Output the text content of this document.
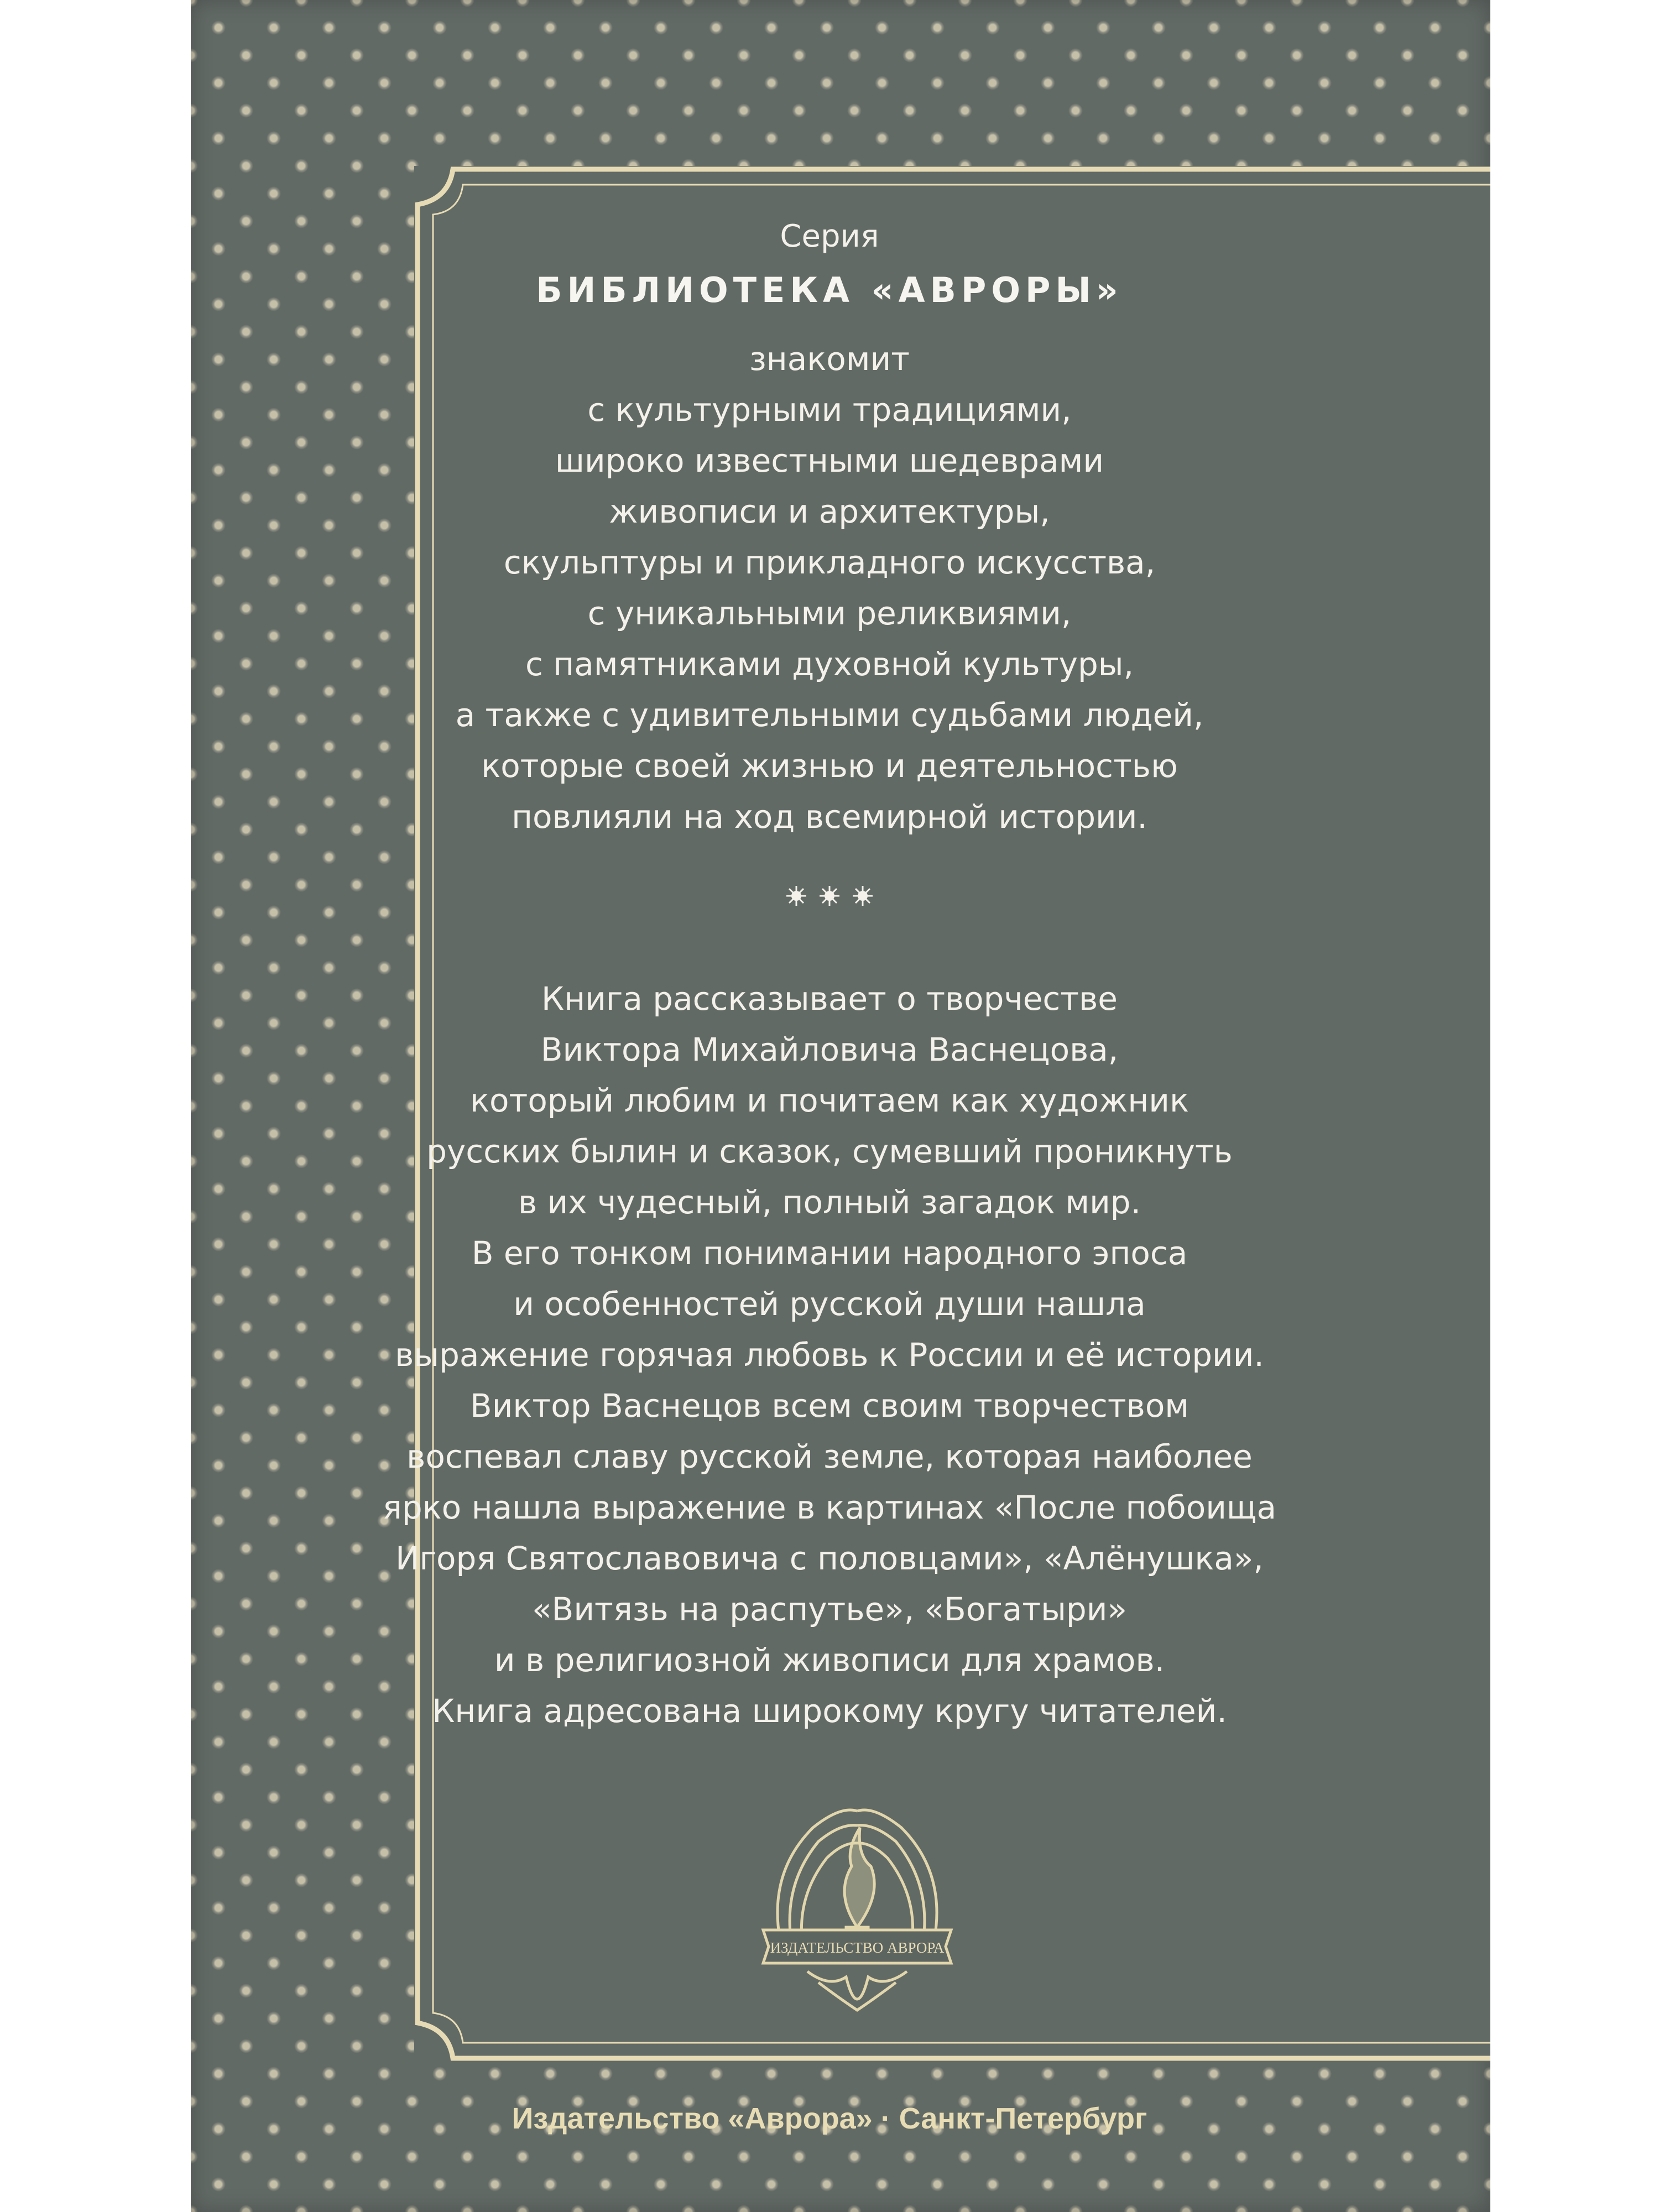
Серия
БИБЛИОТЕКА «АВРОРЫ»
знакомит
с культурными традициями,
широко известными шедеврами
живописи и архитектуры,
скульптуры и прикладного искусства,
с уникальными реликвиями,
с памятниками духовной культуры,
а также с удивительными судьбами людей,
которые своей жизнью и деятельностью
повлияли на ход всемирной истории.
Книга рассказывает о творчестве
Виктора Михайловича Васнецова,
который любим и почитаем как художник
русских былин и сказок, сумевший проникнуть
в их чудесный, полный загадок мир.
В его тонком понимании народного эпоса
и особенностей русской души нашла
выражение горячая любовь к России и её истории.
Виктор Васнецов всем своим творчеством
воспевал славу русской земле, которая наиболее
ярко нашла выражение в картинах «После побоища
Игоря Святославовича с половцами», «Алёнушка»,
«Витязь на распутье», «Богатыри»
и в религиозной живописи для храмов.
Книга адресована широкому кругу читателей.
ИЗДАТЕЛЬСТВО АВРОРА
Издательство «Аврора» · Санкт-Петербург
